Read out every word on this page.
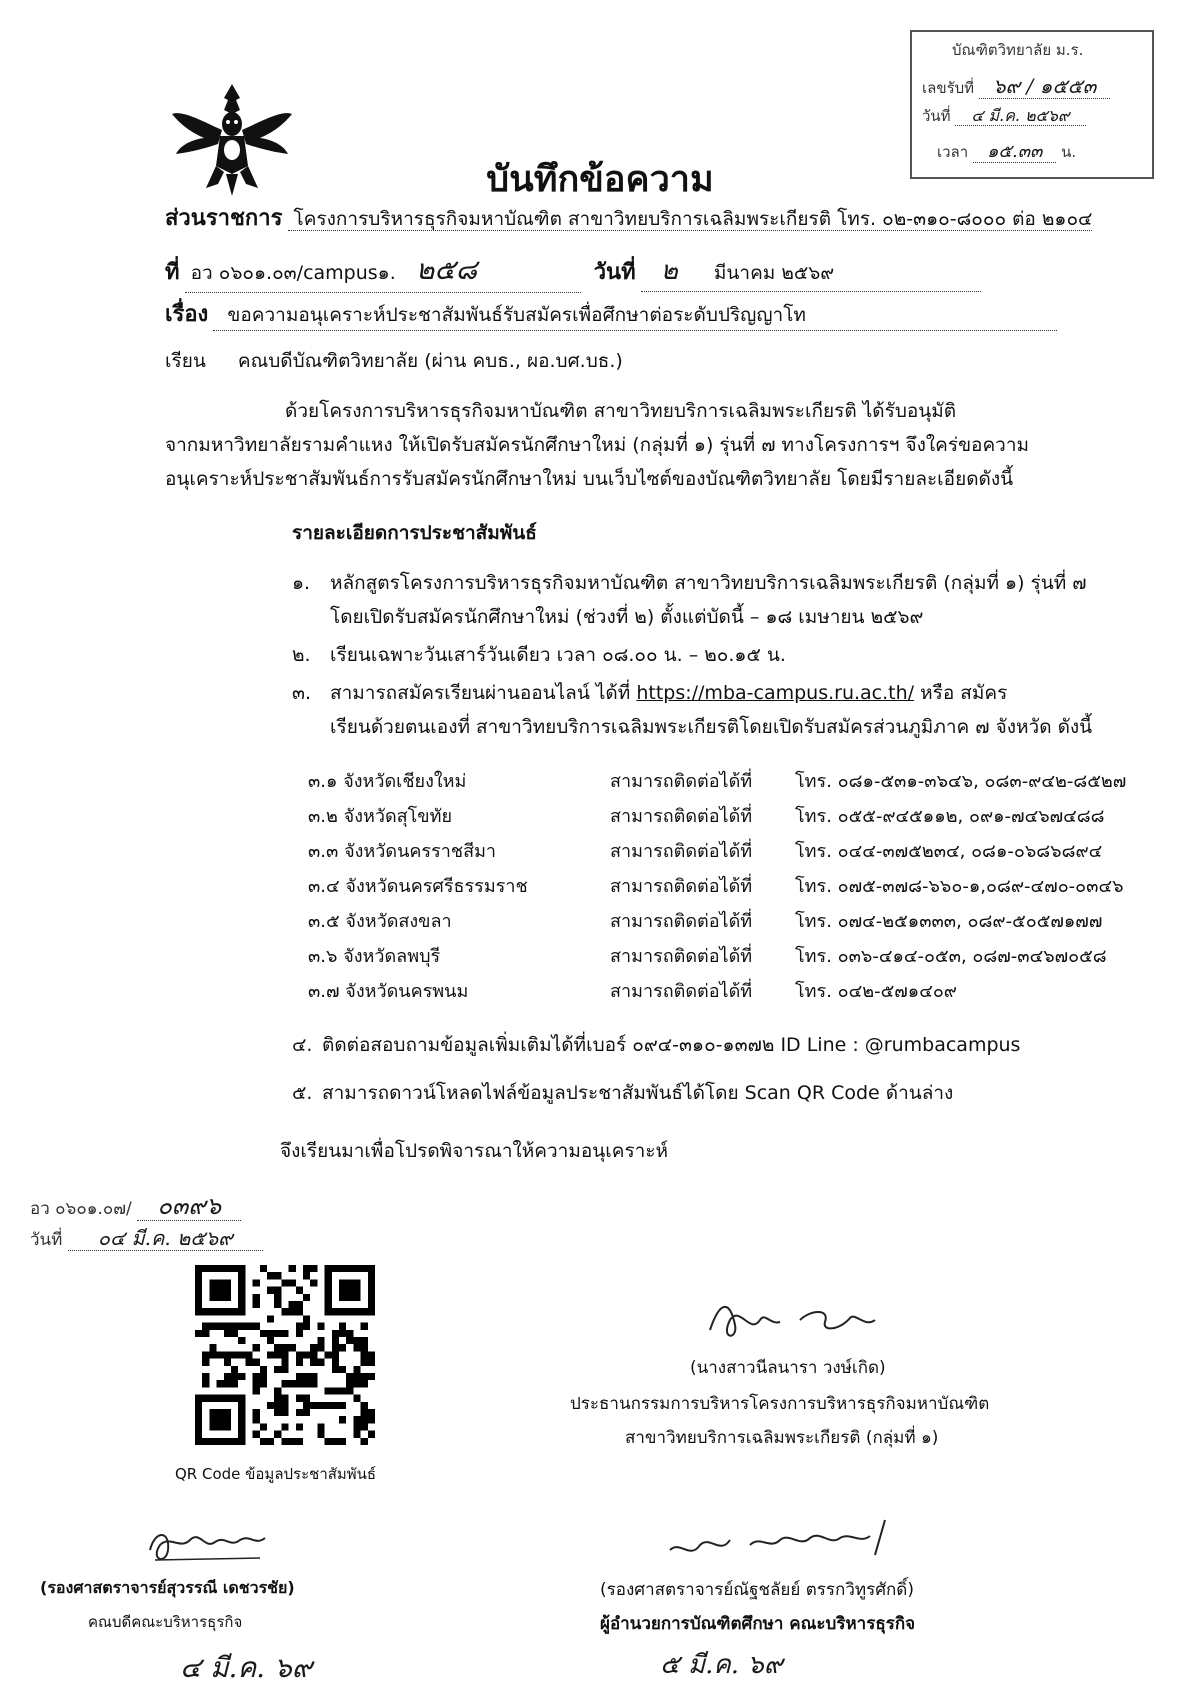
บัณฑิตวิทยาลัย ม.ร.
เลขรับที่ ๖๙ / ๑๕๕๓
วันที่ ๔ มี.ค. ๒๕๖๙
เวลา ๑๕.๓๓ น.
บันทึกข้อความ
ส่วนราชการ โครงการบริหารธุรกิจมหาบัณฑิต สาขาวิทยบริการเฉลิมพระเกียรติ โทร. ๐๒-๓๑๐-๘๐๐๐ ต่อ ๒๑๐๔
ที่ อว ๐๖๐๑.๐๓/campus๑. ๒๕๘	วันที่ ๒ มีนาคม ๒๕๖๙
เรื่อง ขอความอนุเคราะห์ประชาสัมพันธ์รับสมัครเพื่อศึกษาต่อระดับปริญญาโท
เรียน คณบดีบัณฑิตวิทยาลัย (ผ่าน คบธ., ผอ.บศ.บธ.)
ด้วยโครงการบริหารธุรกิจมหาบัณฑิต สาขาวิทยบริการเฉลิมพระเกียรติ ได้รับอนุมัติ
จากมหาวิทยาลัยรามคำแหง ให้เปิดรับสมัครนักศึกษาใหม่ (กลุ่มที่ ๑) รุ่นที่ ๗ ทางโครงการฯ จึงใคร่ขอความ
อนุเคราะห์ประชาสัมพันธ์การรับสมัครนักศึกษาใหม่ บนเว็บไซต์ของบัณฑิตวิทยาลัย โดยมีรายละเอียดดังนี้
รายละเอียดการประชาสัมพันธ์
๑. หลักสูตรโครงการบริหารธุรกิจมหาบัณฑิต สาขาวิทยบริการเฉลิมพระเกียรติ (กลุ่มที่ ๑) รุ่นที่ ๗
โดยเปิดรับสมัครนักศึกษาใหม่ (ช่วงที่ ๒) ตั้งแต่บัดนี้ – ๑๘ เมษายน ๒๕๖๙
๒. เรียนเฉพาะวันเสาร์วันเดียว เวลา ๐๘.๐๐ น. – ๒๐.๑๕ น.
๓. สามารถสมัครเรียนผ่านออนไลน์ ได้ที่ https://mba-campus.ru.ac.th/ หรือ สมัคร
เรียนด้วยตนเองที่ สาขาวิทยบริการเฉลิมพระเกียรติโดยเปิดรับสมัครส่วนภูมิภาค ๗ จังหวัด ดังนี้
๓.๑ จังหวัดเชียงใหม่	สามารถติดต่อได้ที่ โทร. ๐๘๑-๕๓๑-๓๖๔๖, ๐๘๓-๙๔๒-๘๕๒๗
๓.๒ จังหวัดสุโขทัย	สามารถติดต่อได้ที่ โทร. ๐๕๕-๙๔๕๑๑๒, ๐๙๑-๗๔๖๗๔๘๘
๓.๓ จังหวัดนครราชสีมา	สามารถติดต่อได้ที่ โทร. ๐๔๔-๓๗๕๒๓๔, ๐๘๑-๐๖๘๖๘๙๔
๓.๔ จังหวัดนครศรีธรรมราช	สามารถติดต่อได้ที่ โทร. ๐๗๕-๓๗๘-๖๖๐-๑,๐๘๙-๔๗๐-๐๓๔๖
๓.๕ จังหวัดสงขลา	สามารถติดต่อได้ที่ โทร. ๐๗๔-๒๕๑๓๓๓, ๐๘๙-๕๐๕๗๑๗๗
๓.๖ จังหวัดลพบุรี	สามารถติดต่อได้ที่ โทร. ๐๓๖-๔๑๔-๐๕๓, ๐๘๗-๓๔๖๗๐๕๘
๓.๗ จังหวัดนครพนม	สามารถติดต่อได้ที่ โทร. ๐๔๒-๕๗๑๔๐๙
๔. ติดต่อสอบถามข้อมูลเพิ่มเติมได้ที่เบอร์ ๐๙๔-๓๑๐-๑๓๗๒ ID Line : @rumbacampus
๕. สามารถดาวน์โหลดไฟล์ข้อมูลประชาสัมพันธ์ได้โดย Scan QR Code ด้านล่าง
จึงเรียนมาเพื่อโปรดพิจารณาให้ความอนุเคราะห์
อว ๐๖๐๑.๐๗/ ๐๓๙๖
วันที่ ๐๔ มี.ค. ๒๕๖๙
QR Code ข้อมูลประชาสัมพันธ์
(นางสาวนีลนารา วงษ์เกิด)
ประธานกรรมการบริหารโครงการบริหารธุรกิจมหาบัณฑิต
สาขาวิทยบริการเฉลิมพระเกียรติ (กลุ่มที่ ๑)
(รองศาสตราจารย์สุวรรณี เดชวรชัย)
คณบดีคณะบริหารธุรกิจ
๔ มี.ค. ๖๙
(รองศาสตราจารย์ณัฐชลัยย์ ตรรกวิทูรศักดิ์)
ผู้อำนวยการบัณฑิตศึกษา คณะบริหารธุรกิจ
๕ มี.ค. ๖๙
